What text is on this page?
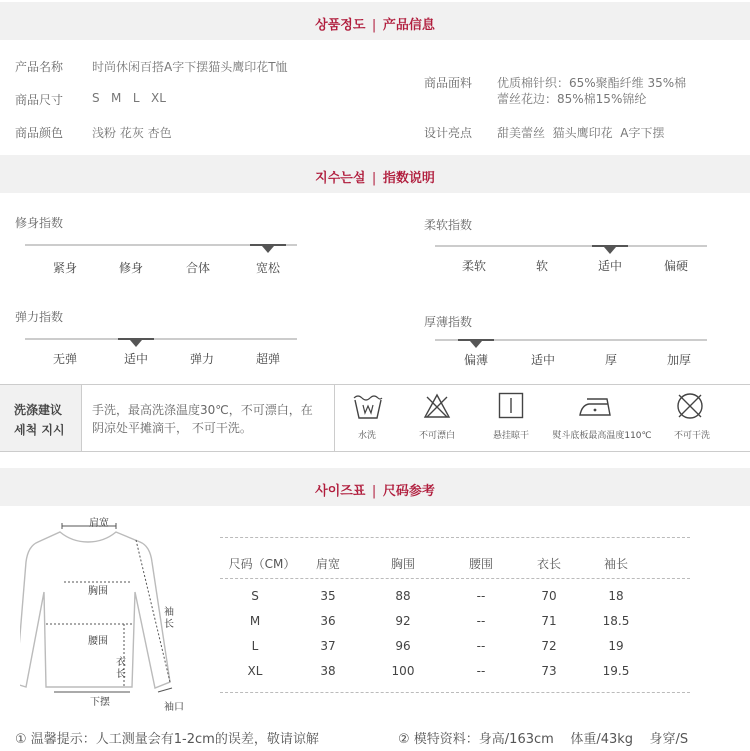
상품정도 | 产品信息
产品名称 时尚休闲百搭A字下摆猫头鹰印花T恤
商品尺寸 S   M   L   XL
商品颜色 浅粉 花灰 杏色
商品面料 优质棉针织：65%聚酯纤维 35%棉
蕾丝花边：85%棉15%锦纶
设计亮点 甜美蕾丝  猫头鹰印花  A字下摆
지수는설 | 指数说明
修身指数
紧身	修身	合体	宽松
柔软指数
柔软	软	适中	偏硬
弹力指数
无弹	适中	弹力	超弹
厚薄指数
偏薄	适中	厚	加厚
洗涤建议
세척 지시
手洗，最高洗涤温度30℃，不可漂白，在
阴凉处平摊滴干， 不可干洗。
水洗	不可漂白	悬挂晾干	熨斗底板最高温度110℃ 不可干洗
사이즈표 | 尺码参考
肩宽
胸围
袖
长
腰围
衣
长
下摆	袖口
尺码（CM） 肩宽	胸围	腰围	衣长	袖长
S	35	88	--	70	18
M	36	92	--	71	18.5
L	37	96	--	72	19
XL	38	100	--	73	19.5
① 温馨提示：人工测量会有1-2cm的误差，敬请谅解	② 模特资料：身高/163cm    体重/43kg    身穿/S
